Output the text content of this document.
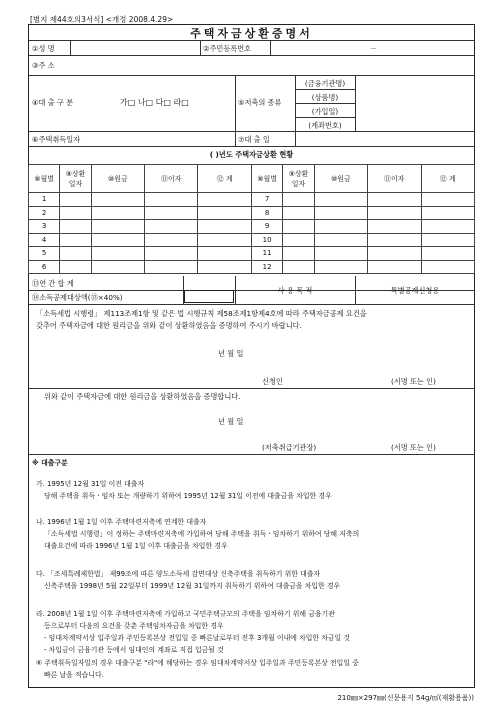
[별지 제44호의3서식] <개정 2008.4.29>
주택자금상환증명서
①성 명	②주민등록번호	－
③주 소
④대 출 구 분	가□ 나□ 다□ 라□	⑤저축의 종류
(금융기관명)
(상품명)
(가입일)
(계좌번호)
⑥주택취득일자	⑦대 출 일
( )년도 주택자금상환 현황
⑧월별	⑨상환 일자	⑩원금	⑪이자	⑫ 계	⑧월별	⑨상환 일자	⑩원금	⑪이자	⑫ 계
1					7				
2					8				
3					9				
4					10				
5					11				
6					12				
⑬연 간 합 계
⑭소득공제대상액(⑬×40%)
사 용 목 적	특별공제신청용
「소득세법 시행령」 제113조제1항 및 같은 법 시행규칙 제58조제1항제4호에 따라 주택자금공제 요건을
갖추어 주택자금에 대한 원리금을 위와 같이 상환하였음을 증명하여 주시기 바랍니다.
년 월 일
신청인	(서명 또는 인)
위와 같이 주택자금에 대한 원리금을 상환하였음을 증명합니다.
년 월 일
(저축취급기관장)	(서명 또는 인)
※ 대출구분
가. 1995년 12월 31일 이전 대출자
당해 주택을 취득ㆍ임차 또는 개량하기 위하여 1995년 12월 31일 이전에 대출금을 차입한 경우
나. 1996년 1월 1일 이후 주택마련저축에 연계한 대출자
「소득세법 시행령」이 정하는 주택마련저축에 가입하여 당해 주택을 취득ㆍ임차하기 위하여 당해 저축의
대출요건에 따라 1996년 1월 1일 이후 대출금을 차입한 경우
다. 「조세특례제한법」 제99조에 따른 양도소득세 감면대상 신축주택을 취득하기 위한 대출자
신축주택을 1998년 5월 22일부터 1999년 12월 31일까지 취득하기 위하여 대출금을 차입한 경우
라. 2008년 1월 1일 이후 주택마련저축에 가입하고 국민주택규모의 주택을 임차하기 위해 금융기관
등으로부터 다음의 요건을 갖춘 주택임차자금을 차입한 경우
- 임대차계약서상 입주일과 주민등록본상 전입일 중 빠른날로부터 전후 3개월 이내에 차입한 차금일 것
- 차입금이 금융기관 등에서 임대인의 계좌로 직접 입금될 것
⑥ 주택취득일자일의 경우 대출구분 "라"에 해당하는 경우 임대차계약서상 입주일과 주민등록본상 전입일 중
빠른 날을 적습니다.
210㎜×297㎜(신문용지 54g/㎡(재활용품))
